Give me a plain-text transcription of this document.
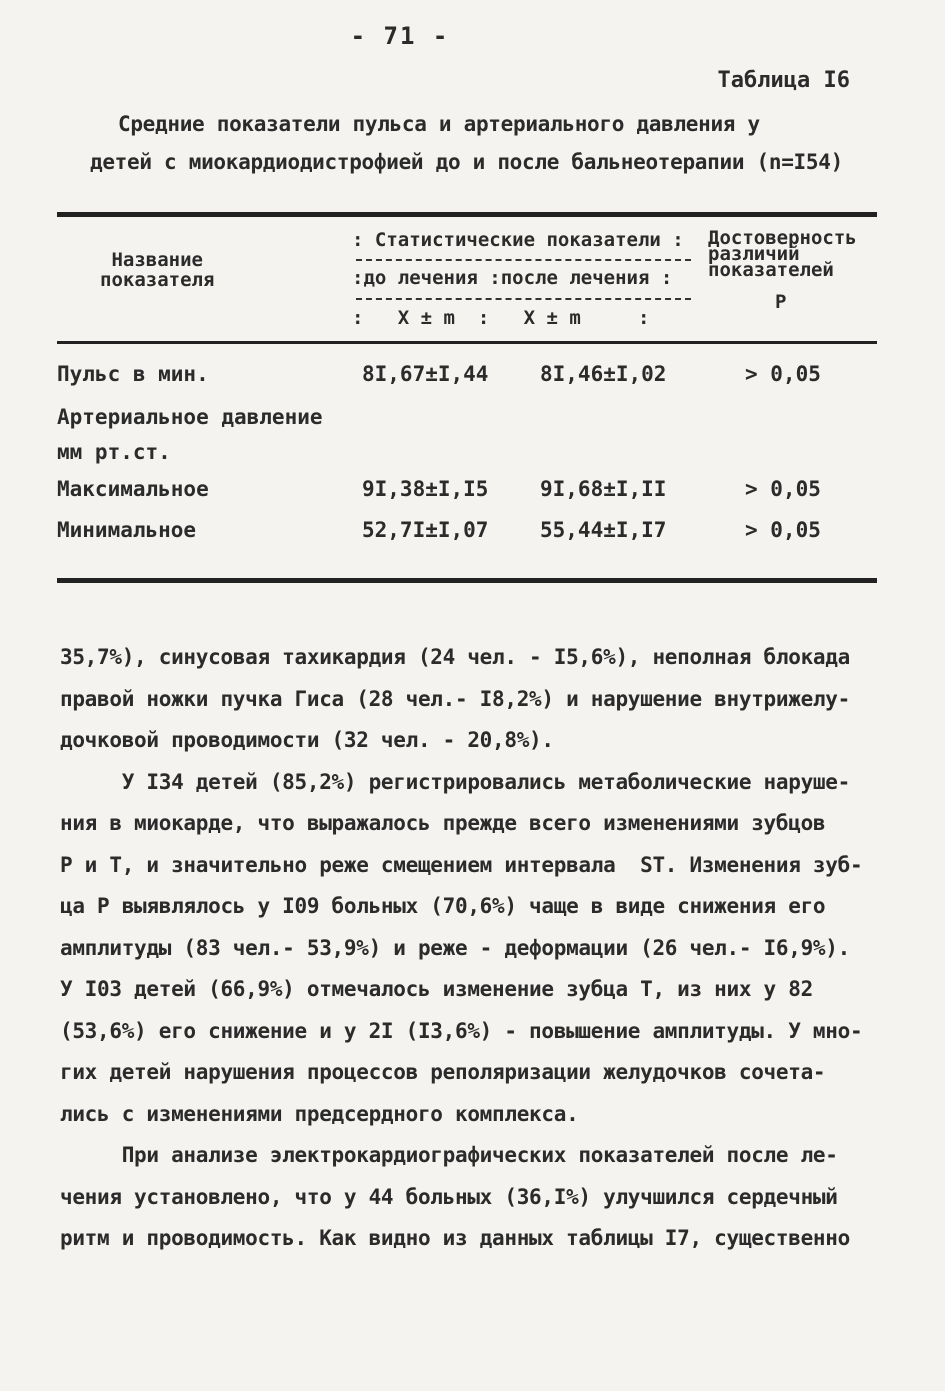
- 71 -
Таблица I6
Средние показатели пульса и артериального давления у
детей с миокардиодистрофией до и после бальнеотерапии (n=I54)
Название
показателя
: Статистические показатели :
:до лечения :после лечения :
:   X ± m  :   X ± m     :
Достоверность
различий
показателей
P
Пульс в мин.	8I,67±I,44 8I,46±I,02	> 0,05
Артериальное давление
мм рт.ст.
Максимальное	9I,38±I,I5 9I,68±I,II	> 0,05
Минимальное	52,7I±I,07 55,44±I,I7	> 0,05
35,7%), синусовая тахикардия (24 чел. - I5,6%), неполная блокада
правой ножки пучка Гиса (28 чел.- I8,2%) и нарушение внутрижелу-
дочковой проводимости (32 чел. - 20,8%).
У I34 детей (85,2%) регистрировались метаболические наруше-
ния в миокарде, что выражалось прежде всего изменениями зубцов
P и T, и значительно реже смещением интервала  ST. Изменения зуб-
ца P выявлялось у I09 больных (70,6%) чаще в виде снижения его
амплитуды (83 чел.- 53,9%) и реже - деформации (26 чел.- I6,9%).
У I03 детей (66,9%) отмечалось изменение зубца T, из них у 82
(53,6%) его снижение и у 2I (I3,6%) - повышение амплитуды. У мно-
гих детей нарушения процессов реполяризации желудочков сочета-
лись с изменениями предсердного комплекса.
При анализе электрокардиографических показателей после ле-
чения установлено, что у 44 больных (36,I%) улучшился сердечный
ритм и проводимость. Как видно из данных таблицы I7, существенно
